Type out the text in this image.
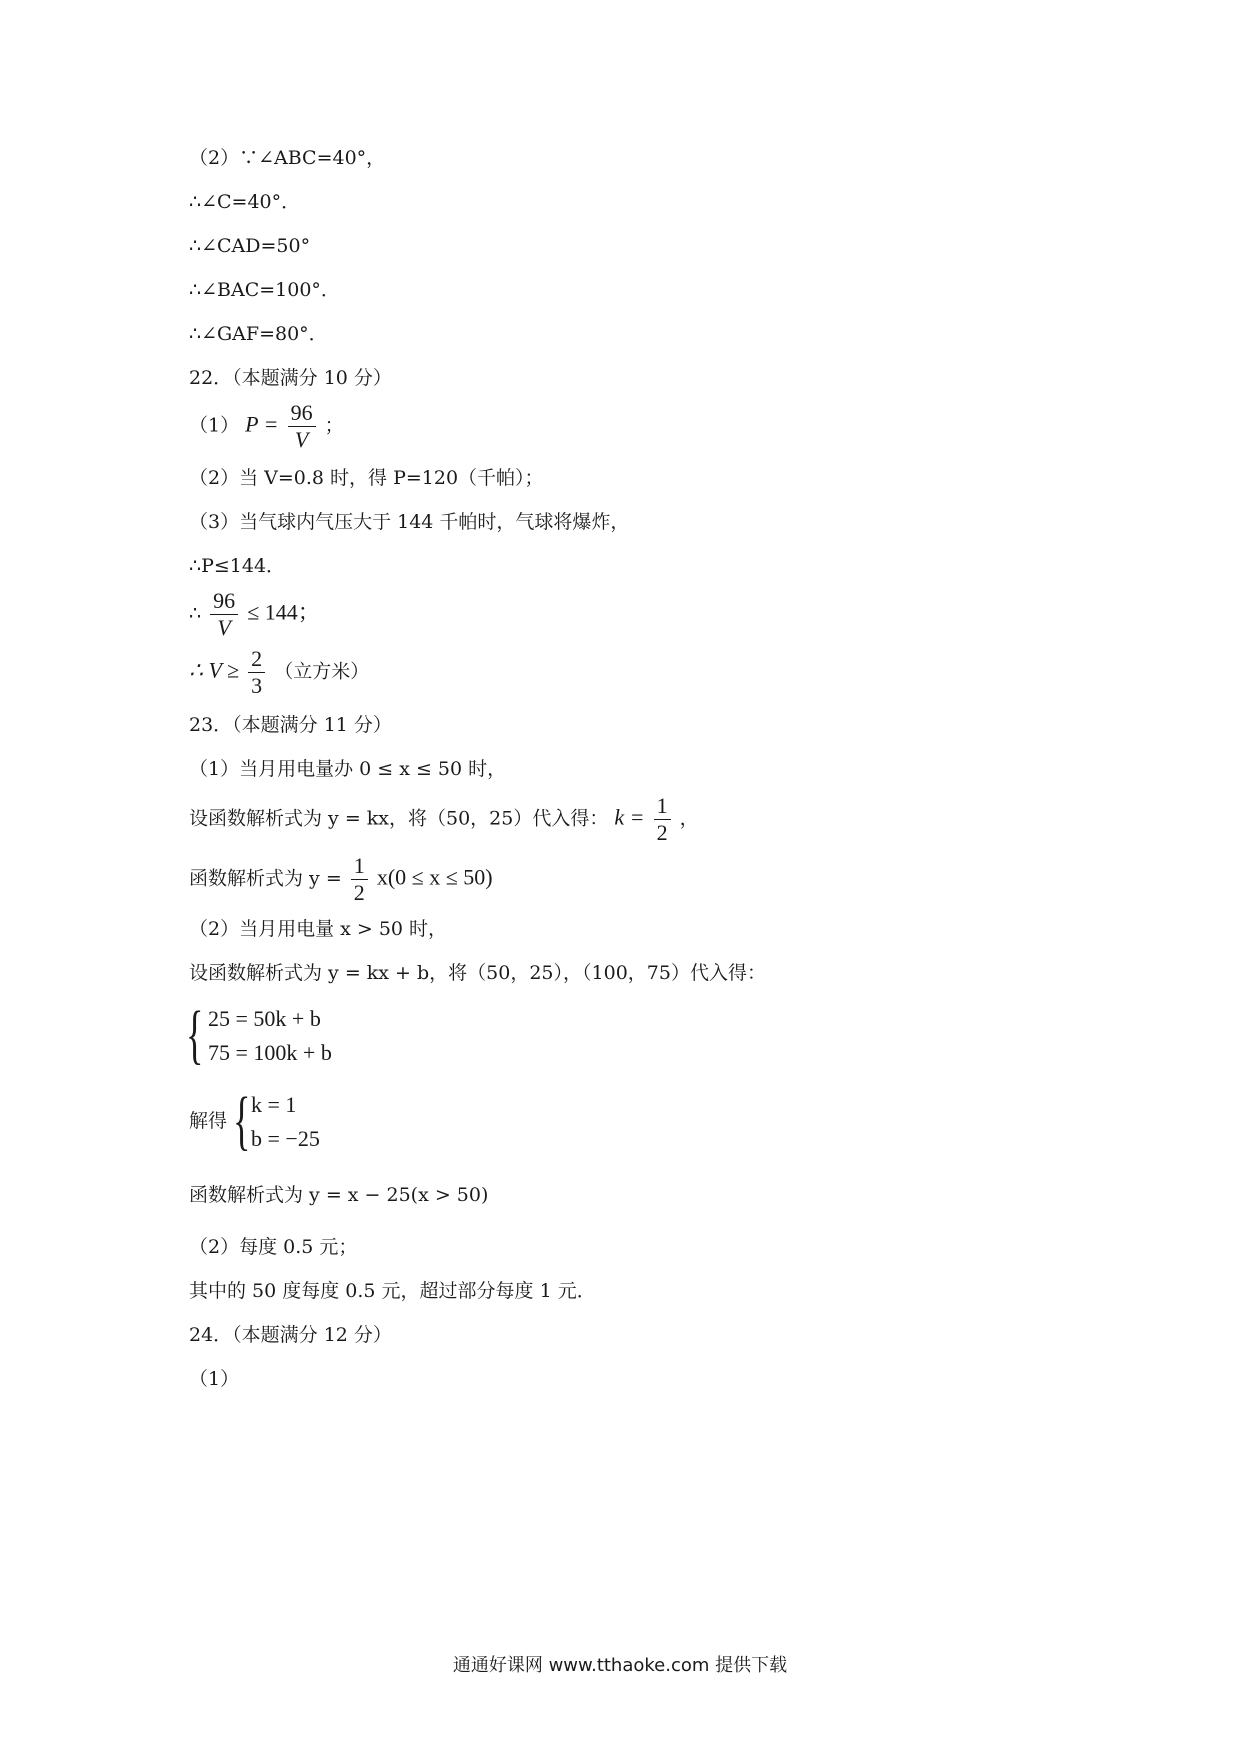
（2）∵∠ABC=40°，
∴∠C=40°．
∴∠CAD=50°
∴∠BAC=100°．
∴∠GAF=80°．
22．（本题满分 10 分）
（1） $P = \frac{96}{V}$ ；
（2）当 V=0.8 时，得 P=120（千帕）；
（3）当气球内气压大于 144 千帕时，气球将爆炸，
∴P≤144．
∴ $\frac{96}{V} \le 144$；
∴ $V \ge \frac{2}{3}$ （立方米）
23．（本题满分 11 分）
（1）当月用电量办 0 ≤ x ≤ 50 时，
设函数解析式为 y = kx，将（50，25）代入得： $k = \frac{1}{2}$ ，
函数解析式为 $y = \frac{1}{2} x(0 \le x \le 50)$
（2）当月用电量 x > 50 时，
设函数解析式为 y = kx + b，将（50，25），（100，75）代入得：
{ 25 = 50k + b
75 = 100k + b
解得 { k = 1
b = −25
函数解析式为 y = x − 25(x > 50)
（2）每度 0.5 元；
其中的 50 度每度 0.5 元，超过部分每度 1 元．
24．（本题满分 12 分）
（1）
通通好课网 www.tthaoke.com 提供下载
